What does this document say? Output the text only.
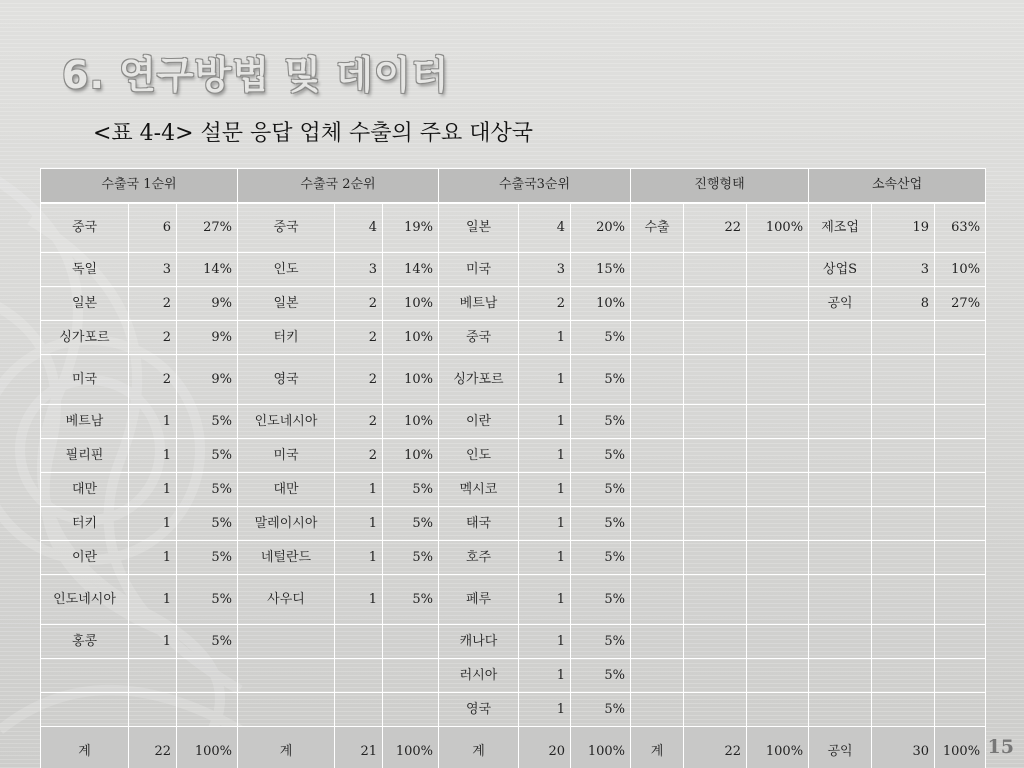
6. 연구방법 및 데이터
<표 4-4> 설문 응답 업체 수출의 주요 대상국
수출국 1순위			수출국 2순위			수출국3순위			진행형태			소속산업		
중국	6	27%	중국	4	19%	일본	4	20%	수출	22	100%	제조업	19	63%
독일	3	14%	인도	3	14%	미국	3	15%				상업S	3	10%
일본	2	9%	일본	2	10%	베트남	2	10%				공익	8	27%
싱가포르	2	9%	터키	2	10%	중국	1	5%						
미국	2	9%	영국	2	10%	싱가포르	1	5%						
베트남	1	5%	인도네시아	2	10%	이란	1	5%						
필리핀	1	5%	미국	2	10%	인도	1	5%						
대만	1	5%	대만	1	5%	멕시코	1	5%						
터키	1	5%	말레이시아	1	5%	태국	1	5%						
이란	1	5%	네털란드	1	5%	호주	1	5%						
인도네시아	1	5%	사우디	1	5%	페루	1	5%						
홍콩	1	5%				캐나다	1	5%						
						러시아	1	5%						
						영국	1	5%						
계	22	100%	계	21	100%	계	20	100%	계	22	100%	공익	30	100% 15
